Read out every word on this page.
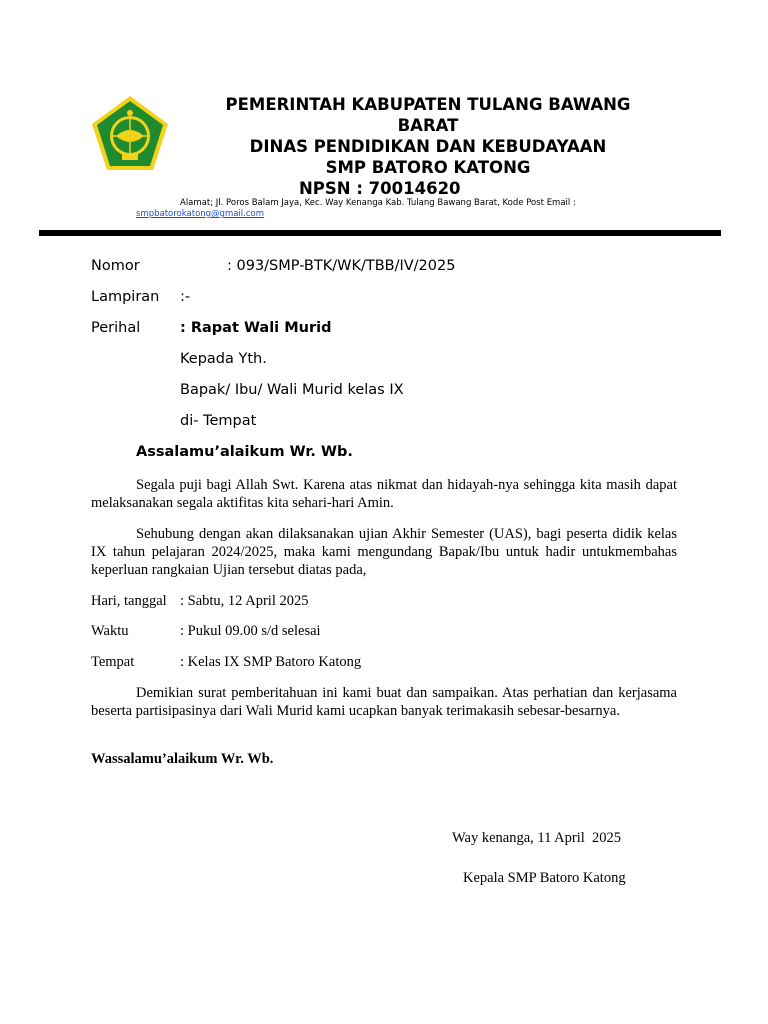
PEMERINTAH KABUPATEN TULANG BAWANG
BARAT
DINAS PENDIDIKAN DAN KEBUDAYAAN
SMP BATORO KATONG
NPSN : 70014620
Alamat; Jl. Poros Balam Jaya, Kec. Way Kenanga Kab. Tulang Bawang Barat, Kode Post Email :
smpbatorokatong@gmail.com
Nomor	: 093/SMP-BTK/WK/TBB/IV/2025
Lampiran :-
Perihal	: Rapat Wali Murid
Kepada Yth.
Bapak/ Ibu/ Wali Murid kelas IX
di- Tempat
Assalamu’alaikum Wr. Wb.
Segala puji bagi Allah Swt. Karena atas nikmat dan hidayah-nya sehingga kita masih dapat melaksanakan segala aktifitas kita sehari-hari Amin.
Sehubung dengan akan dilaksanakan ujian Akhir Semester (UAS), bagi peserta didik kelas IX tahun pelajaran 2024/2025, maka kami mengundang Bapak/Ibu untuk hadir untukmembahas keperluan rangkaian Ujian tersebut diatas pada,
Hari, tanggal : Sabtu, 12 April 2025
Waktu	: Pukul 09.00 s/d selesai
Tempat	: Kelas IX SMP Batoro Katong
Demikian surat pemberitahuan ini kami buat dan sampaikan. Atas perhatian dan kerjasama beserta partisipasinya dari Wali Murid kami ucapkan banyak terimakasih sebesar-besarnya.
Wassalamu’alaikum Wr. Wb.
Way kenanga, 11 April  2025
Kepala SMP Batoro Katong
